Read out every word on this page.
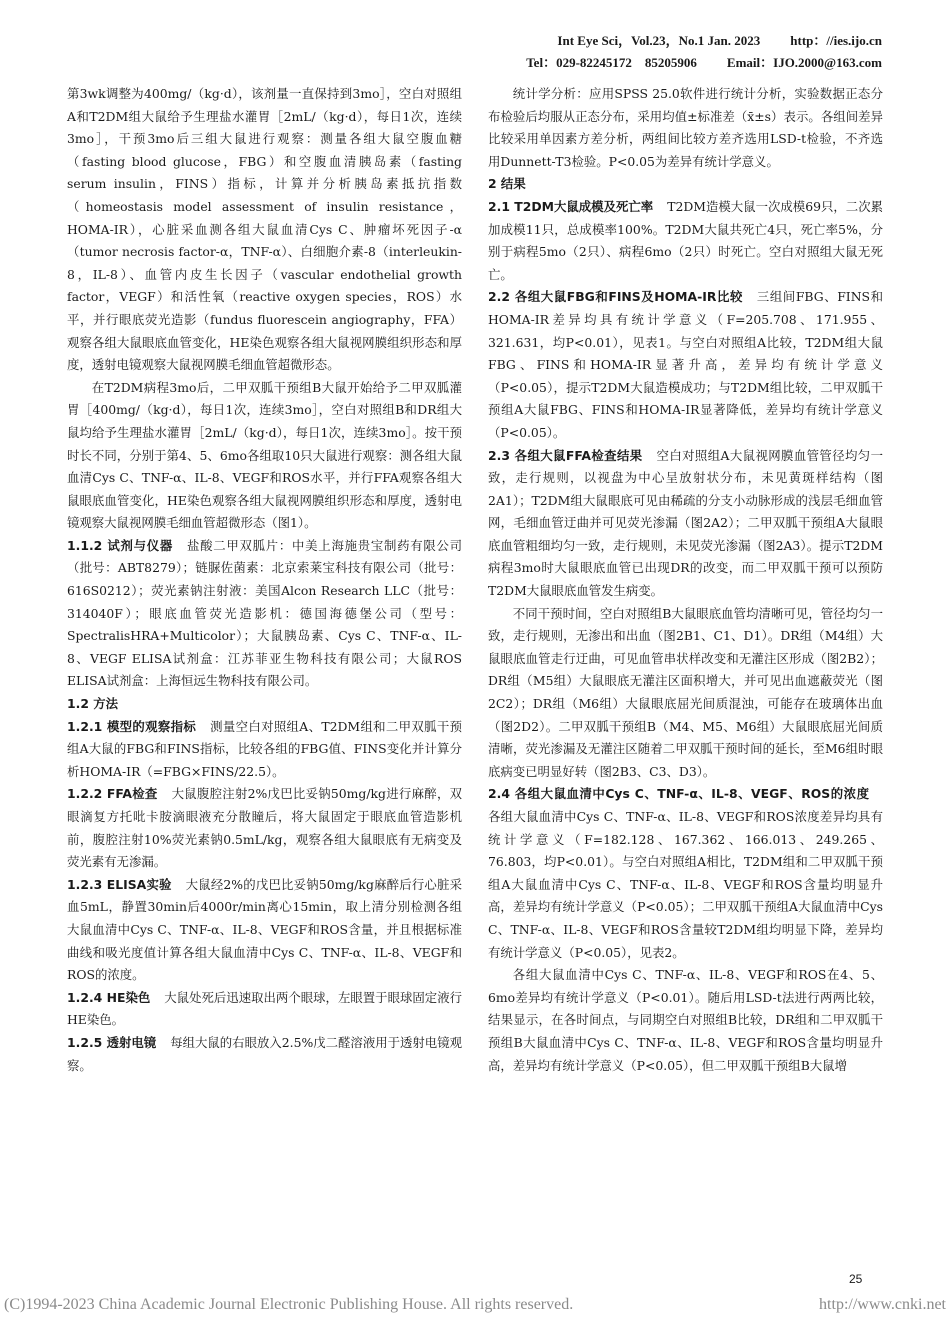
Int Eye Sci，Vol.23，No.1 Jan. 2023 http：//ies.ijo.cn
Tel：029-82245172　85205906 Email：IJO.2000@163.com

第3wk调整为400mg/（kg·d），该剂量一直保持到3mo］，空白对照组A和T2DM组大鼠给予生理盐水灌胃［2mL/（kg·d），每日1次，连续3mo］，干预3mo后三组大鼠进行观察：测量各组大鼠空腹血糖（fasting blood glucose，FBG）和空腹血清胰岛素（fasting serum insulin，FINS）指标，计算并分析胰岛素抵抗指数（homeostasis model assessment of insulin resistance，HOMA-IR），心脏采血测各组大鼠血清Cys C、肿瘤坏死因子-α（tumor necrosis factor-α，TNF-α）、白细胞介素-8（interleukin-8，IL-8）、血管内皮生长因子（vascular endothelial growth factor，VEGF）和活性氧（reactive oxygen species，ROS）水平，并行眼底荧光造影（fundus fluorescein angiography，FFA）观察各组大鼠眼底血管变化，HE染色观察各组大鼠视网膜组织形态和厚度，透射电镜观察大鼠视网膜毛细血管超微形态。

在T2DM病程3mo后，二甲双胍干预组B大鼠开始给予二甲双胍灌胃［400mg/（kg·d），每日1次，连续3mo］，空白对照组B和DR组大鼠均给予生理盐水灌胃［2mL/（kg·d），每日1次，连续3mo］。按干预时长不同，分别于第4、5、6mo各组取10只大鼠进行观察：测各组大鼠血清Cys C、TNF-α、IL-8、VEGF和ROS水平，并行FFA观察各组大鼠眼底血管变化，HE染色观察各组大鼠视网膜组织形态和厚度，透射电镜观察大鼠视网膜毛细血管超微形态（图1）。

1.1.2 试剂与仪器 盐酸二甲双胍片：中美上海施贵宝制药有限公司（批号：ABT8279）；链脲佐菌素：北京索莱宝科技有限公司（批号：616S0212）；荧光素钠注射液：美国Alcon Research LLC（批号：314040F）；眼底血管荧光造影机：德国海德堡公司（型号：SpectralisHRA+Multicolor）；大鼠胰岛素、Cys C、TNF-α、IL-8、VEGF ELISA试剂盒：江苏菲亚生物科技有限公司；大鼠ROS ELISA试剂盒：上海恒远生物科技有限公司。

1.2 方法

1.2.1 模型的观察指标 测量空白对照组A、T2DM组和二甲双胍干预组A大鼠的FBG和FINS指标，比较各组的FBG值、FINS变化并计算分析HOMA-IR（=FBG×FINS/22.5）。

1.2.2 FFA检查 大鼠腹腔注射2%戊巴比妥钠50mg/kg进行麻醉，双眼滴复方托吡卡胺滴眼液充分散瞳后，将大鼠固定于眼底血管造影机前，腹腔注射10%荧光素钠0.5mL/kg，观察各组大鼠眼底有无病变及荧光素有无渗漏。

1.2.3 ELISA实验 大鼠经2%的戊巴比妥钠50mg/kg麻醉后行心脏采血5mL，静置30min后4000r/min离心15min，取上清分别检测各组大鼠血清中Cys C、TNF-α、IL-8、VEGF和ROS含量，并且根据标准曲线和吸光度值计算各组大鼠血清中Cys C、TNF-α、IL-8、VEGF和ROS的浓度。

1.2.4 HE染色 大鼠处死后迅速取出两个眼球，左眼置于眼球固定液行HE染色。

1.2.5 透射电镜 每组大鼠的右眼放入2.5%戊二醛溶液用于透射电镜观察。

统计学分析：应用SPSS 25.0软件进行统计分析，实验数据正态分布检验后均服从正态分布，采用均值±标准差（x̄±s）表示。各组间差异比较采用单因素方差分析，两组间比较方差齐选用LSD-t检验，不齐选用Dunnett-T3检验。P<0.05为差异有统计学意义。

2 结果

2.1 T2DM大鼠成模及死亡率 T2DM造模大鼠一次成模69只，二次累加成模11只，总成模率100%。T2DM大鼠共死亡4只，死亡率5%，分别于病程5mo（2只）、病程6mo（2只）时死亡。空白对照组大鼠无死亡。

2.2 各组大鼠FBG和FINS及HOMA-IR比较 三组间FBG、FINS和HOMA-IR差异均具有统计学意义（F=205.708、171.955、321.631，均P<0.01），见表1。与空白对照组A比较，T2DM组大鼠FBG、FINS和HOMA-IR显著升高，差异均有统计学意义（P<0.05），提示T2DM大鼠造模成功；与T2DM组比较，二甲双胍干预组A大鼠FBG、FINS和HOMA-IR显著降低，差异均有统计学意义（P<0.05）。

2.3 各组大鼠FFA检查结果 空白对照组A大鼠视网膜血管管径均匀一致，走行规则，以视盘为中心呈放射状分布，未见黄斑样结构（图2A1）；T2DM组大鼠眼底可见由稀疏的分支小动脉形成的浅层毛细血管网，毛细血管迂曲并可见荧光渗漏（图2A2）；二甲双胍干预组A大鼠眼底血管粗细均匀一致，走行规则，未见荧光渗漏（图2A3）。提示T2DM病程3mo时大鼠眼底血管已出现DR的改变，而二甲双胍干预可以预防T2DM大鼠眼底血管发生病变。

不同干预时间，空白对照组B大鼠眼底血管均清晰可见，管径均匀一致，走行规则，无渗出和出血（图2B1、C1、D1）。DR组（M4组）大鼠眼底血管走行迂曲，可见血管串状样改变和无灌注区形成（图2B2）；DR组（M5组）大鼠眼底无灌注区面积增大，并可见出血遮蔽荧光（图2C2）；DR组（M6组）大鼠眼底屈光间质混浊，可能存在玻璃体出血（图2D2）。二甲双胍干预组B（M4、M5、M6组）大鼠眼底屈光间质清晰，荧光渗漏及无灌注区随着二甲双胍干预时间的延长，至M6组时眼底病变已明显好转（图2B3、C3、D3）。

2.4 各组大鼠血清中Cys C、TNF-α、IL-8、VEGF、ROS的浓度各组大鼠血清中Cys C、TNF-α、IL-8、VEGF和ROS浓度差异均具有统计学意义（F=182.128、167.362、166.013、249.265、76.803，均P<0.01）。与空白对照组A相比，T2DM组和二甲双胍干预组A大鼠血清中Cys C、TNF-α、IL-8、VEGF和ROS含量均明显升高，差异均有统计学意义（P<0.05）；二甲双胍干预组A大鼠血清中Cys C、TNF-α、IL-8、VEGF和ROS含量较T2DM组均明显下降，差异均有统计学意义（P<0.05），见表2。

各组大鼠血清中Cys C、TNF-α、IL-8、VEGF和ROS在4、5、6mo差异均有统计学意义（P<0.01）。随后用LSD-t法进行两两比较，结果显示，在各时间点，与同期空白对照组B比较，DR组和二甲双胍干预组B大鼠血清中Cys C、TNF-α、IL-8、VEGF和ROS含量均明显升高，差异均有统计学意义（P<0.05），但二甲双胍干预组B大鼠增

25
(C)1994-2023 China Academic Journal Electronic Publishing House. All rights reserved.	http://www.cnki.net
